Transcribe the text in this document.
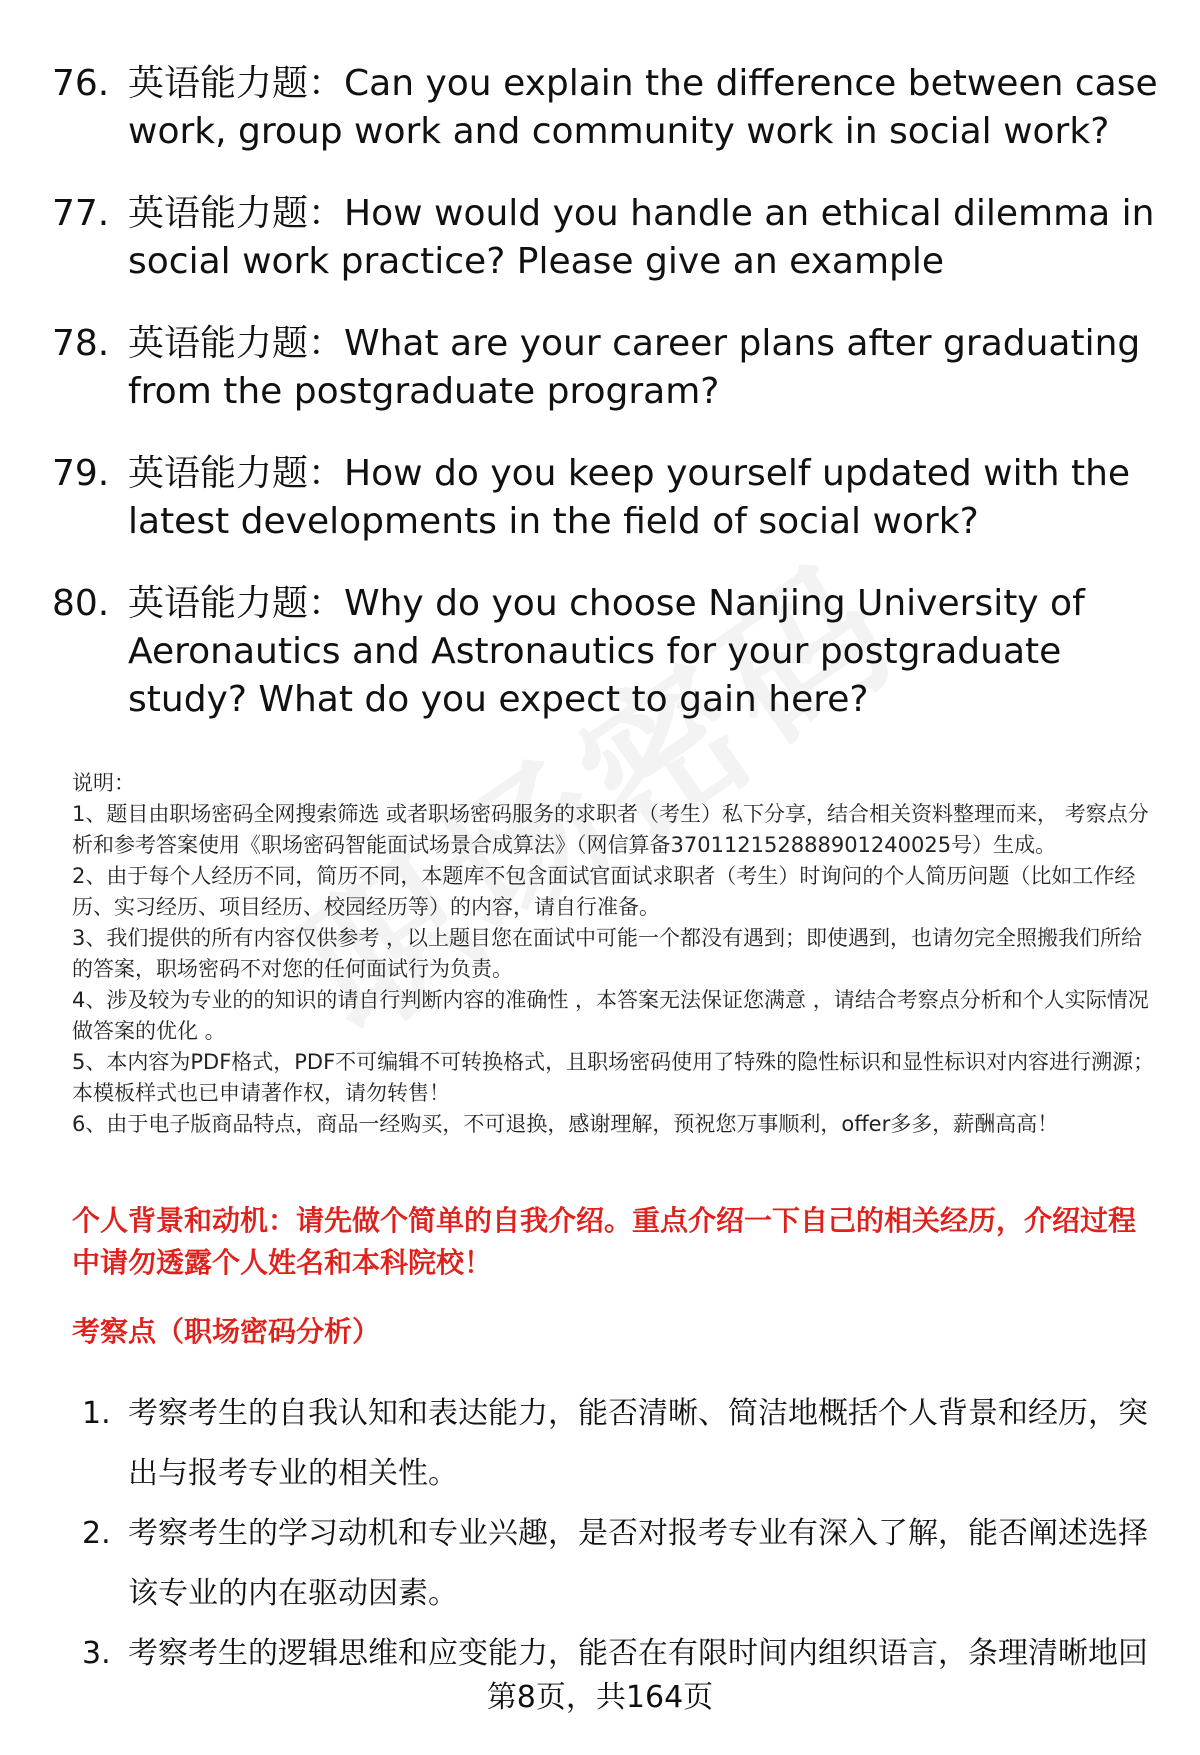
76. 英语能力题：Can you explain the difference between case work, group work and community work in social work?
77. 英语能力题：How would you handle an ethical dilemma in social work practice? Please give an example
78. 英语能力题：What are your career plans after graduating from the postgraduate program?
79. 英语能力题：How do you keep yourself updated with the latest developments in the field of social work?
80. 英语能力题：Why do you choose Nanjing University of Aeronautics and Astronautics for your postgraduate study? What do you expect to gain here?

说明：

1、题目由职场密码全网搜索筛选 或者职场密码服务的求职者（考生）私下分享，结合相关资料整理而来， 考察点分析和参考答案使用《职场密码智能面试场景合成算法》（网信算备370112152888901240025号）生成。

2、由于每个人经历不同，简历不同，本题库不包含面试官面试求职者（考生）时询问的个人简历问题（比如工作经历、实习经历、项目经历、校园经历等）的内容，请自行准备。

3、我们提供的所有内容仅供参考 ，以上题目您在面试中可能一个都没有遇到；即使遇到，也请勿完全照搬我们所给的答案，职场密码不对您的任何面试行为负责。

4、涉及较为专业的的知识的请自行判断内容的准确性 ，本答案无法保证您满意 ，请结合考察点分析和个人实际情况做答案的优化 。

5、本内容为PDF格式，PDF不可编辑不可转换格式，且职场密码使用了特殊的隐性标识和显性标识对内容进行溯源；本模板样式也已申请著作权，请勿转售！

6、由于电子版商品特点，商品一经购买，不可退换，感谢理解，预祝您万事顺利，offer多多，薪酬高高！

个人背景和动机：请先做个简单的自我介绍。重点介绍一下自己的相关经历，介绍过程中请勿透露个人姓名和本科院校！
考察点（职场密码分析）
1. 考察考生的自我认知和表达能力，能否清晰、简洁地概括个人背景和经历，突出与报考专业的相关性。
2. 考察考生的学习动机和专业兴趣，是否对报考专业有深入了解，能否阐述选择该专业的内在驱动因素。
3. 考察考生的逻辑思维和应变能力，能否在有限时间内组织语言，条理清晰地回
第8页，共164页
